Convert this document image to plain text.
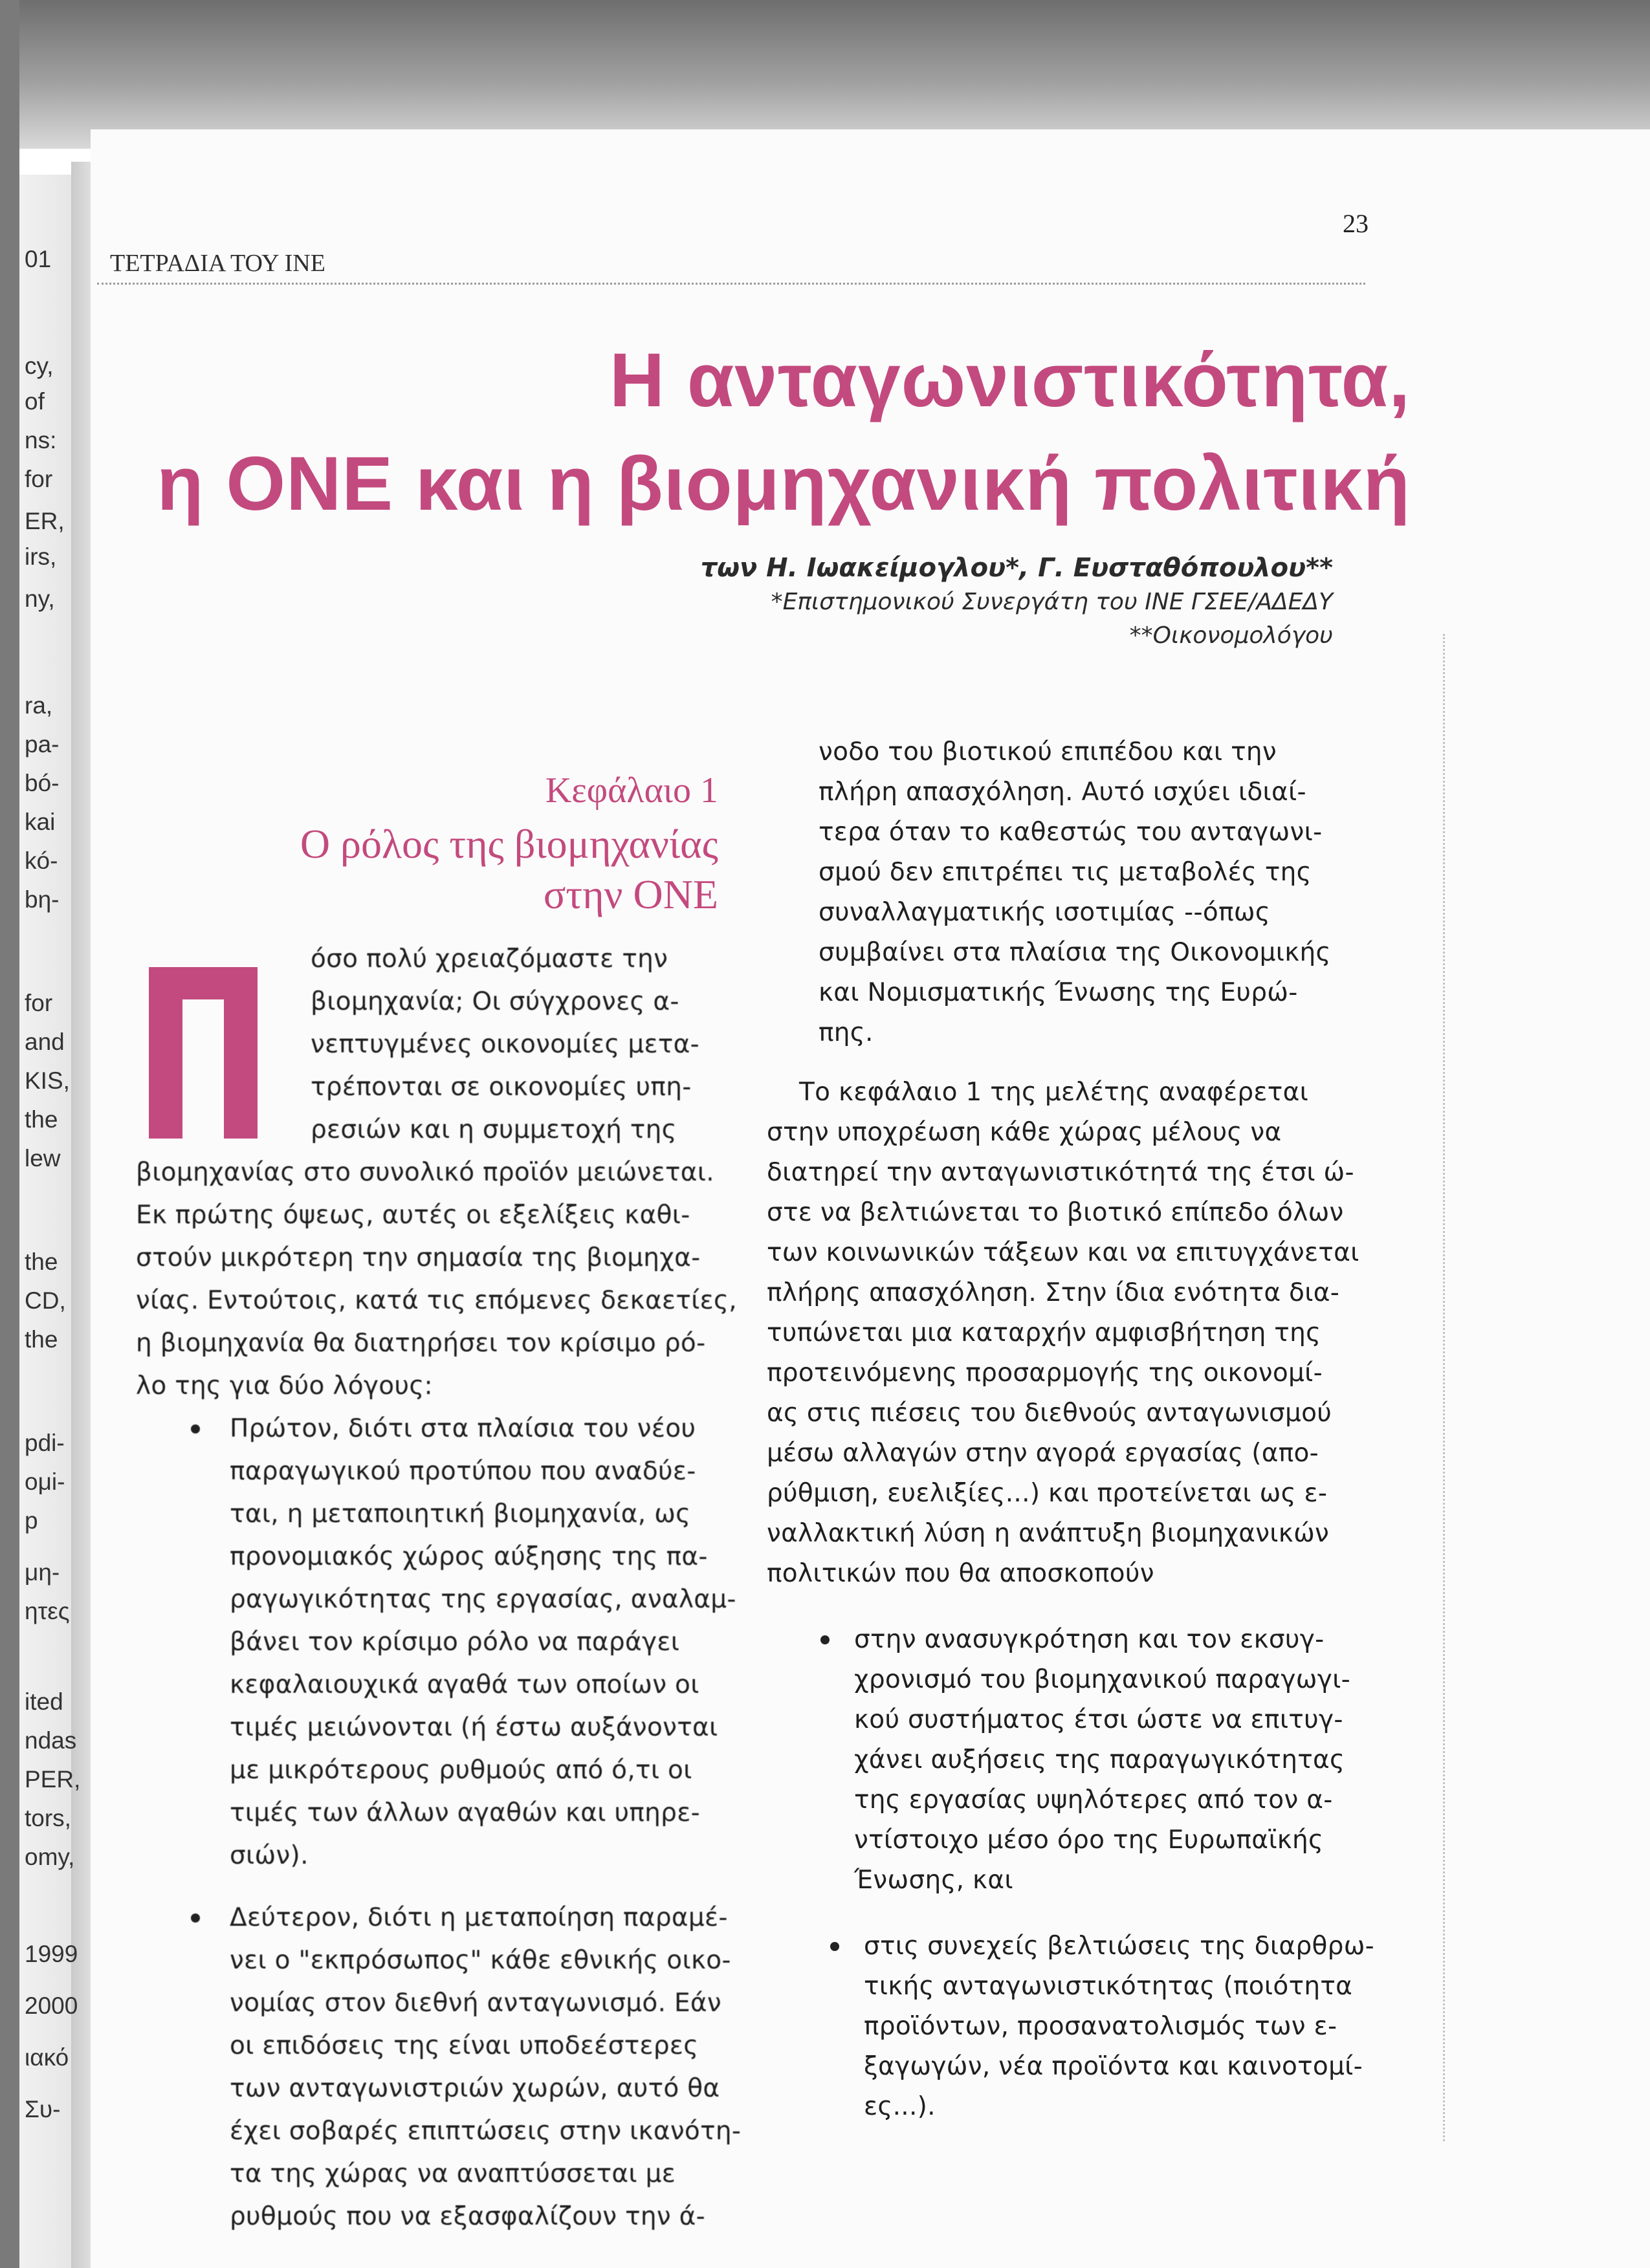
01
cy,
of
ns:
for
ER,
irs,
ny,
ra,
pa-
bó-
kai
kó-
bη-
for
and
KIS,
the
lew
the
CD,
the
pdi-
oμi-
p
μη-
ητες
ited
ndas
PER,
tors,
omy,
1999
2000
ιακό
Συ-
ΤΕΤΡΑΔΙΑ ΤΟΥ ΙΝΕ
23
Η ανταγωνιστικότητα,
η ΟΝΕ και η βιομηχανική πολιτική
των Η. Ιωακείμογλου*, Γ. Ευσταθόπουλου**
*Επιστημονικού Συνεργάτη του ΙΝΕ ΓΣΕΕ/ΑΔΕΔΥ
**Οικονομολόγου
Κεφάλαιο 1
Ο ρόλος της βιομηχανίας
στην ΟΝΕ
όσο πολύ χρειαζόμαστε την
βιομηχανία; Οι σύγχρονες α-
νεπτυγμένες οικονομίες μετα-
τρέπονται σε οικονομίες υπη-
ρεσιών και η συμμετοχή της
βιομηχανίας στο συνολικό προϊόν μειώνεται.
Εκ πρώτης όψεως, αυτές οι εξελίξεις καθι-
στούν μικρότερη την σημασία της βιομηχα-
νίας. Εντούτοις, κατά τις επόμενες δεκαετίες,
η βιομηχανία θα διατηρήσει τον κρίσιμο ρό-
λο της για δύο λόγους:
Πρώτον, διότι στα πλαίσια του νέου
παραγωγικού προτύπου που αναδύε-
ται, η μεταποιητική βιομηχανία, ως
προνομιακός χώρος αύξησης της πα-
ραγωγικότητας της εργασίας, αναλαμ-
βάνει τον κρίσιμο ρόλο να παράγει
κεφαλαιουχικά αγαθά των οποίων οι
τιμές μειώνονται (ή έστω αυξάνονται
με μικρότερους ρυθμούς από ό,τι οι
τιμές των άλλων αγαθών και υπηρε-
σιών).
Δεύτερον, διότι η μεταποίηση παραμέ-
νει ο "εκπρόσωπος" κάθε εθνικής οικο-
νομίας στον διεθνή ανταγωνισμό. Εάν
οι επιδόσεις της είναι υποδεέστερες
των ανταγωνιστριών χωρών, αυτό θα
έχει σοβαρές επιπτώσεις στην ικανότη-
τα της χώρας να αναπτύσσεται με
ρυθμούς που να εξασφαλίζουν την ά-
νοδο του βιοτικού επιπέδου και την
πλήρη απασχόληση. Αυτό ισχύει ιδιαί-
τερα όταν το καθεστώς του ανταγωνι-
σμού δεν επιτρέπει τις μεταβολές της
συναλλαγματικής ισοτιμίας --όπως
συμβαίνει στα πλαίσια της Οικονομικής
και Νομισματικής Ένωσης της Ευρώ-
πης.
Το κεφάλαιο 1 της μελέτης αναφέρεται
στην υποχρέωση κάθε χώρας μέλους να
διατηρεί την ανταγωνιστικότητά της έτσι ώ-
στε να βελτιώνεται το βιοτικό επίπεδο όλων
των κοινωνικών τάξεων και να επιτυγχάνεται
πλήρης απασχόληση. Στην ίδια ενότητα δια-
τυπώνεται μια καταρχήν αμφισβήτηση της
προτεινόμενης προσαρμογής της οικονομί-
ας στις πιέσεις του διεθνούς ανταγωνισμού
μέσω αλλαγών στην αγορά εργασίας (απο-
ρύθμιση, ευελιξίες...) και προτείνεται ως ε-
ναλλακτική λύση η ανάπτυξη βιομηχανικών
πολιτικών που θα αποσκοπούν
στην ανασυγκρότηση και τον εκσυγ-
χρονισμό του βιομηχανικού παραγωγι-
κού συστήματος έτσι ώστε να επιτυγ-
χάνει αυξήσεις της παραγωγικότητας
της εργασίας υψηλότερες από τον α-
ντίστοιχο μέσο όρο της Ευρωπαϊκής
Ένωσης, και
στις συνεχείς βελτιώσεις της διαρθρω-
τικής ανταγωνιστικότητας (ποιότητα
προϊόντων, προσανατολισμός των ε-
ξαγωγών, νέα προϊόντα και καινοτομί-
ες...).
